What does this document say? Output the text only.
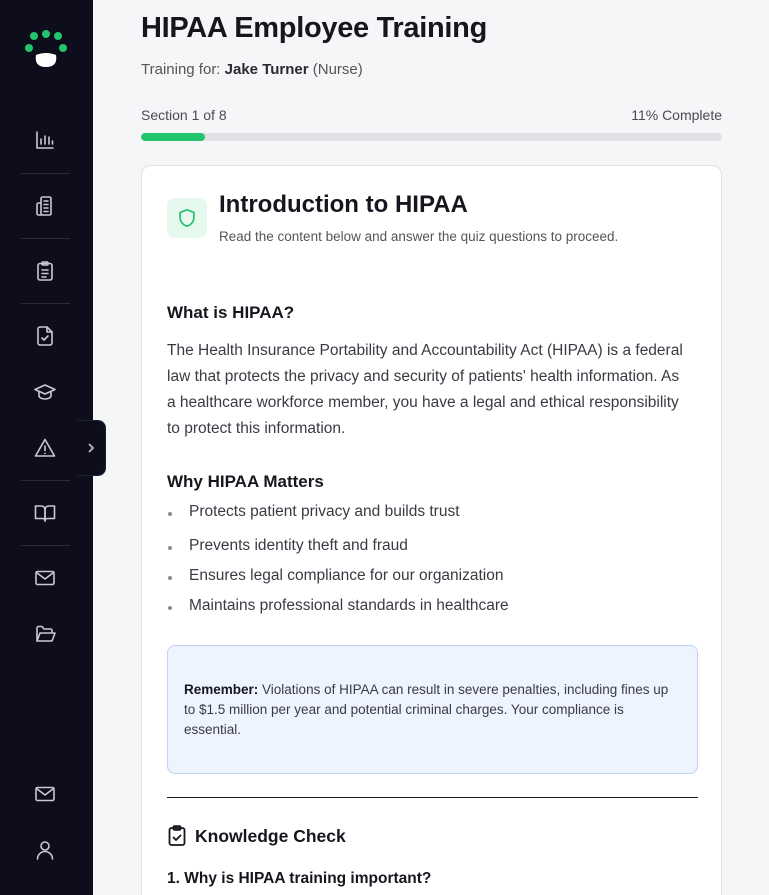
HIPAA Employee Training
Training for: Jake Turner (Nurse)
Section 1 of 8	11% Complete
Introduction to HIPAA
Read the content below and answer the quiz questions to proceed.
What is HIPAA?

The Health Insurance Portability and Accountability Act (HIPAA) is a federal law that protects the privacy and security of patients' health information. As a healthcare workforce member, you have a legal and ethical responsibility to protect this information.

Why HIPAA Matters
Protects patient privacy and builds trust
Prevents identity theft and fraud
Ensures legal compliance for our organization
Maintains professional standards in healthcare
Remember: Violations of HIPAA can result in severe penalties, including fines up to $1.5 million per year and potential criminal charges. Your compliance is essential.
Knowledge Check
1. Why is HIPAA training important?
